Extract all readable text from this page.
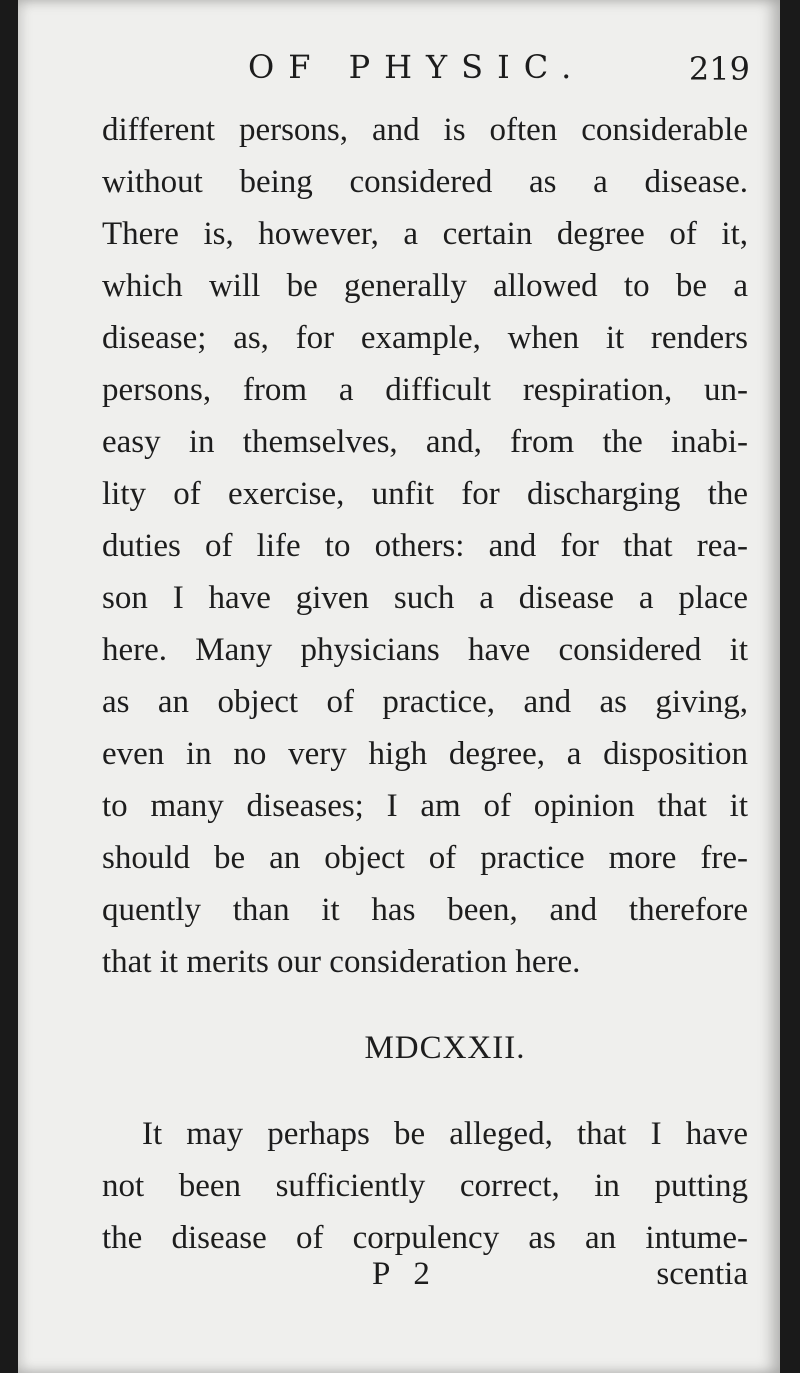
OF PHYSIC.	219
different persons, and is often considerable
without being considered as a disease.
There is, however, a certain degree of it,
which will be generally allowed to be a
disease; as, for example, when it renders
persons, from a difficult respiration, un-
easy in themselves, and, from the inabi-
lity of exercise, unfit for discharging the
duties of life to others: and for that rea-
son I have given such a disease a place
here. Many physicians have considered it
as an object of practice, and as giving,
even in no very high degree, a disposition
to many diseases; I am of opinion that it
should be an object of practice more fre-
quently than it has been, and therefore
that it merits our consideration here.
MDCXXII.
It may perhaps be alleged, that I have
not been sufficiently correct, in putting
the disease of corpulency as an intume-
P 2	scentia
